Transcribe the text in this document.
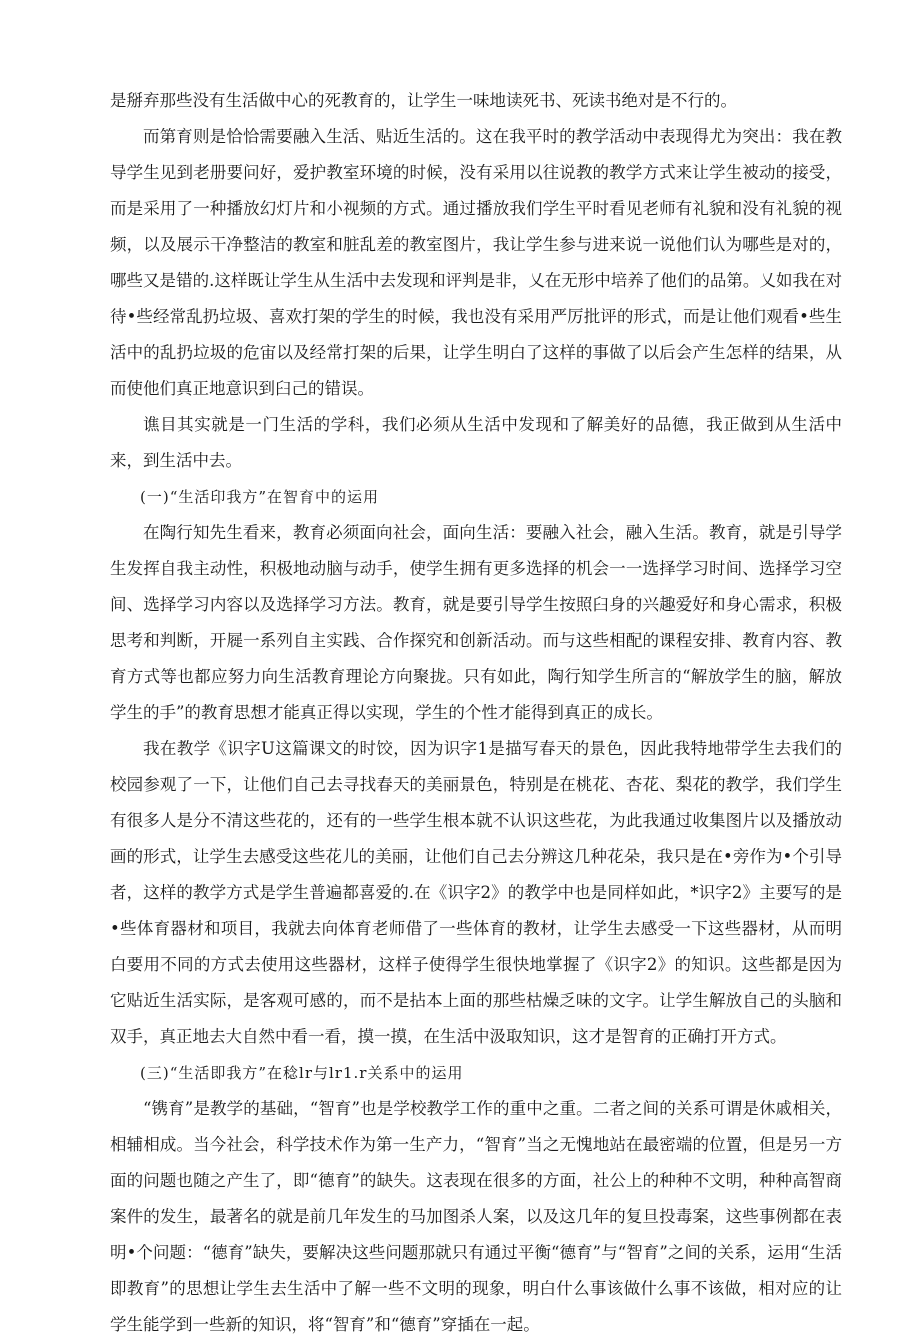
是掰弃那些没有生活做中心的死教育的，让学生一味地读死书、死读书绝对是不行的。

而第育则是恰恰需要融入生活、贴近生活的。这在我平时的教学活动中表现得尤为突出：我在教导学生见到老册要问好，爱护教室环境的时候，没有采用以往说教的教学方式来让学生被动的接受，而是采用了一种播放幻灯片和小视频的方式。通过播放我们学生平时看见老师有礼貌和没有礼貌的视频，以及展示干净整洁的教室和脏乱差的教室图片，我让学生参与进来说一说他们认为哪些是对的，哪些又是错的.这样既让学生从生活中去发现和评判是非，乂在无形中培养了他们的品第。乂如我在对待•些经常乱扔垃圾、喜欢打架的学生的时候，我也没有采用严厉批评的形式，而是让他们观看•些生活中的乱扔垃圾的危宙以及经常打架的后果，让学生明白了这样的事做了以后会产生怎样的结果，从而使他们真正地意识到臼己的错误。

谯目其实就是一门生活的学科，我们必须从生活中发现和了解美好的品德，我正做到从生活中来，到生活中去。

(一)“生活印我方”在智育中的运用

在陶行知先生看来，教育必须面向社会，面向生活：要融入社会，融入生活。教育，就是引导学生发挥自我主动性，积极地动脑与动手，使学生拥有更多选择的机会一一选择学习时间、选择学习空间、选择学习内容以及选择学习方法。教育，就是要引导学生按照臼身的兴趣爱好和身心需求，积极思考和判断，开屣一系列自主实践、合作探究和创新活动。而与这些相配的课程安排、教育内容、教育方式等也都应努力向生活教育理论方向聚拢。只有如此，陶行知学生所言的“解放学生的脑，解放学生的手”的教育思想才能真正得以实现，学生的个性才能得到真正的成长。

我在教学《识字U这篇课文的时饺，因为识字1是描写春天的景色，因此我特地带学生去我们的校园参观了一下，让他们自己去寻找春天的美丽景色，特别是在桃花、杏花、梨花的教学，我们学生有很多人是分不清这些花的，还有的一些学生根本就不认识这些花，为此我通过收集图片以及播放动画的形式，让学生去感受这些花儿的美丽，让他们自己去分辨这几种花朵，我只是在•旁作为•个引导者，这样的教学方式是学生普遍都喜爱的.在《识字2》的教学中也是同样如此，*识字2》主要写的是•些体育器材和项目，我就去向体育老师借了一些体育的教材，让学生去感受一下这些器材，从而明白要用不同的方式去使用这些器材，这样子使得学生很快地掌握了《识字2》的知识。这些都是因为它贴近生活实际，是客观可感的，而不是拈本上面的那些枯燥乏味的文字。让学生解放自己的头脑和双手，真正地去大自然中看一看，摸一摸，在生活中汲取知识，这才是智育的正确打开方式。

(三)“生活即我方”在稔lr与lr1.r关系中的运用

“镌育”是教学的基础，“智育”也是学校教学工作的重中之重。二者之间的关系可谓是休戚相关，相辅相成。当今社会，科学技术作为第一生产力，“智育”当之无愧地站在最密端的位置，但是另一方面的问题也随之产生了，即“德育”的缺失。这表现在很多的方面，社公上的种种不文明，种种高智商案件的发生，最著名的就是前几年发生的马加图杀人案，以及这几年的复旦投毒案，这些事例都在表明•个问题：“德育”缺失，要解决这些问题那就只有通过平衡“德育”与“智育”之间的关系，运用“生活即教育”的思想让学生去生活中了解一些不文明的现象，明白什么事该做什么事不该做，相对应的让学生能学到一些新的知识，将“智育”和“德育”穿插在一起。
